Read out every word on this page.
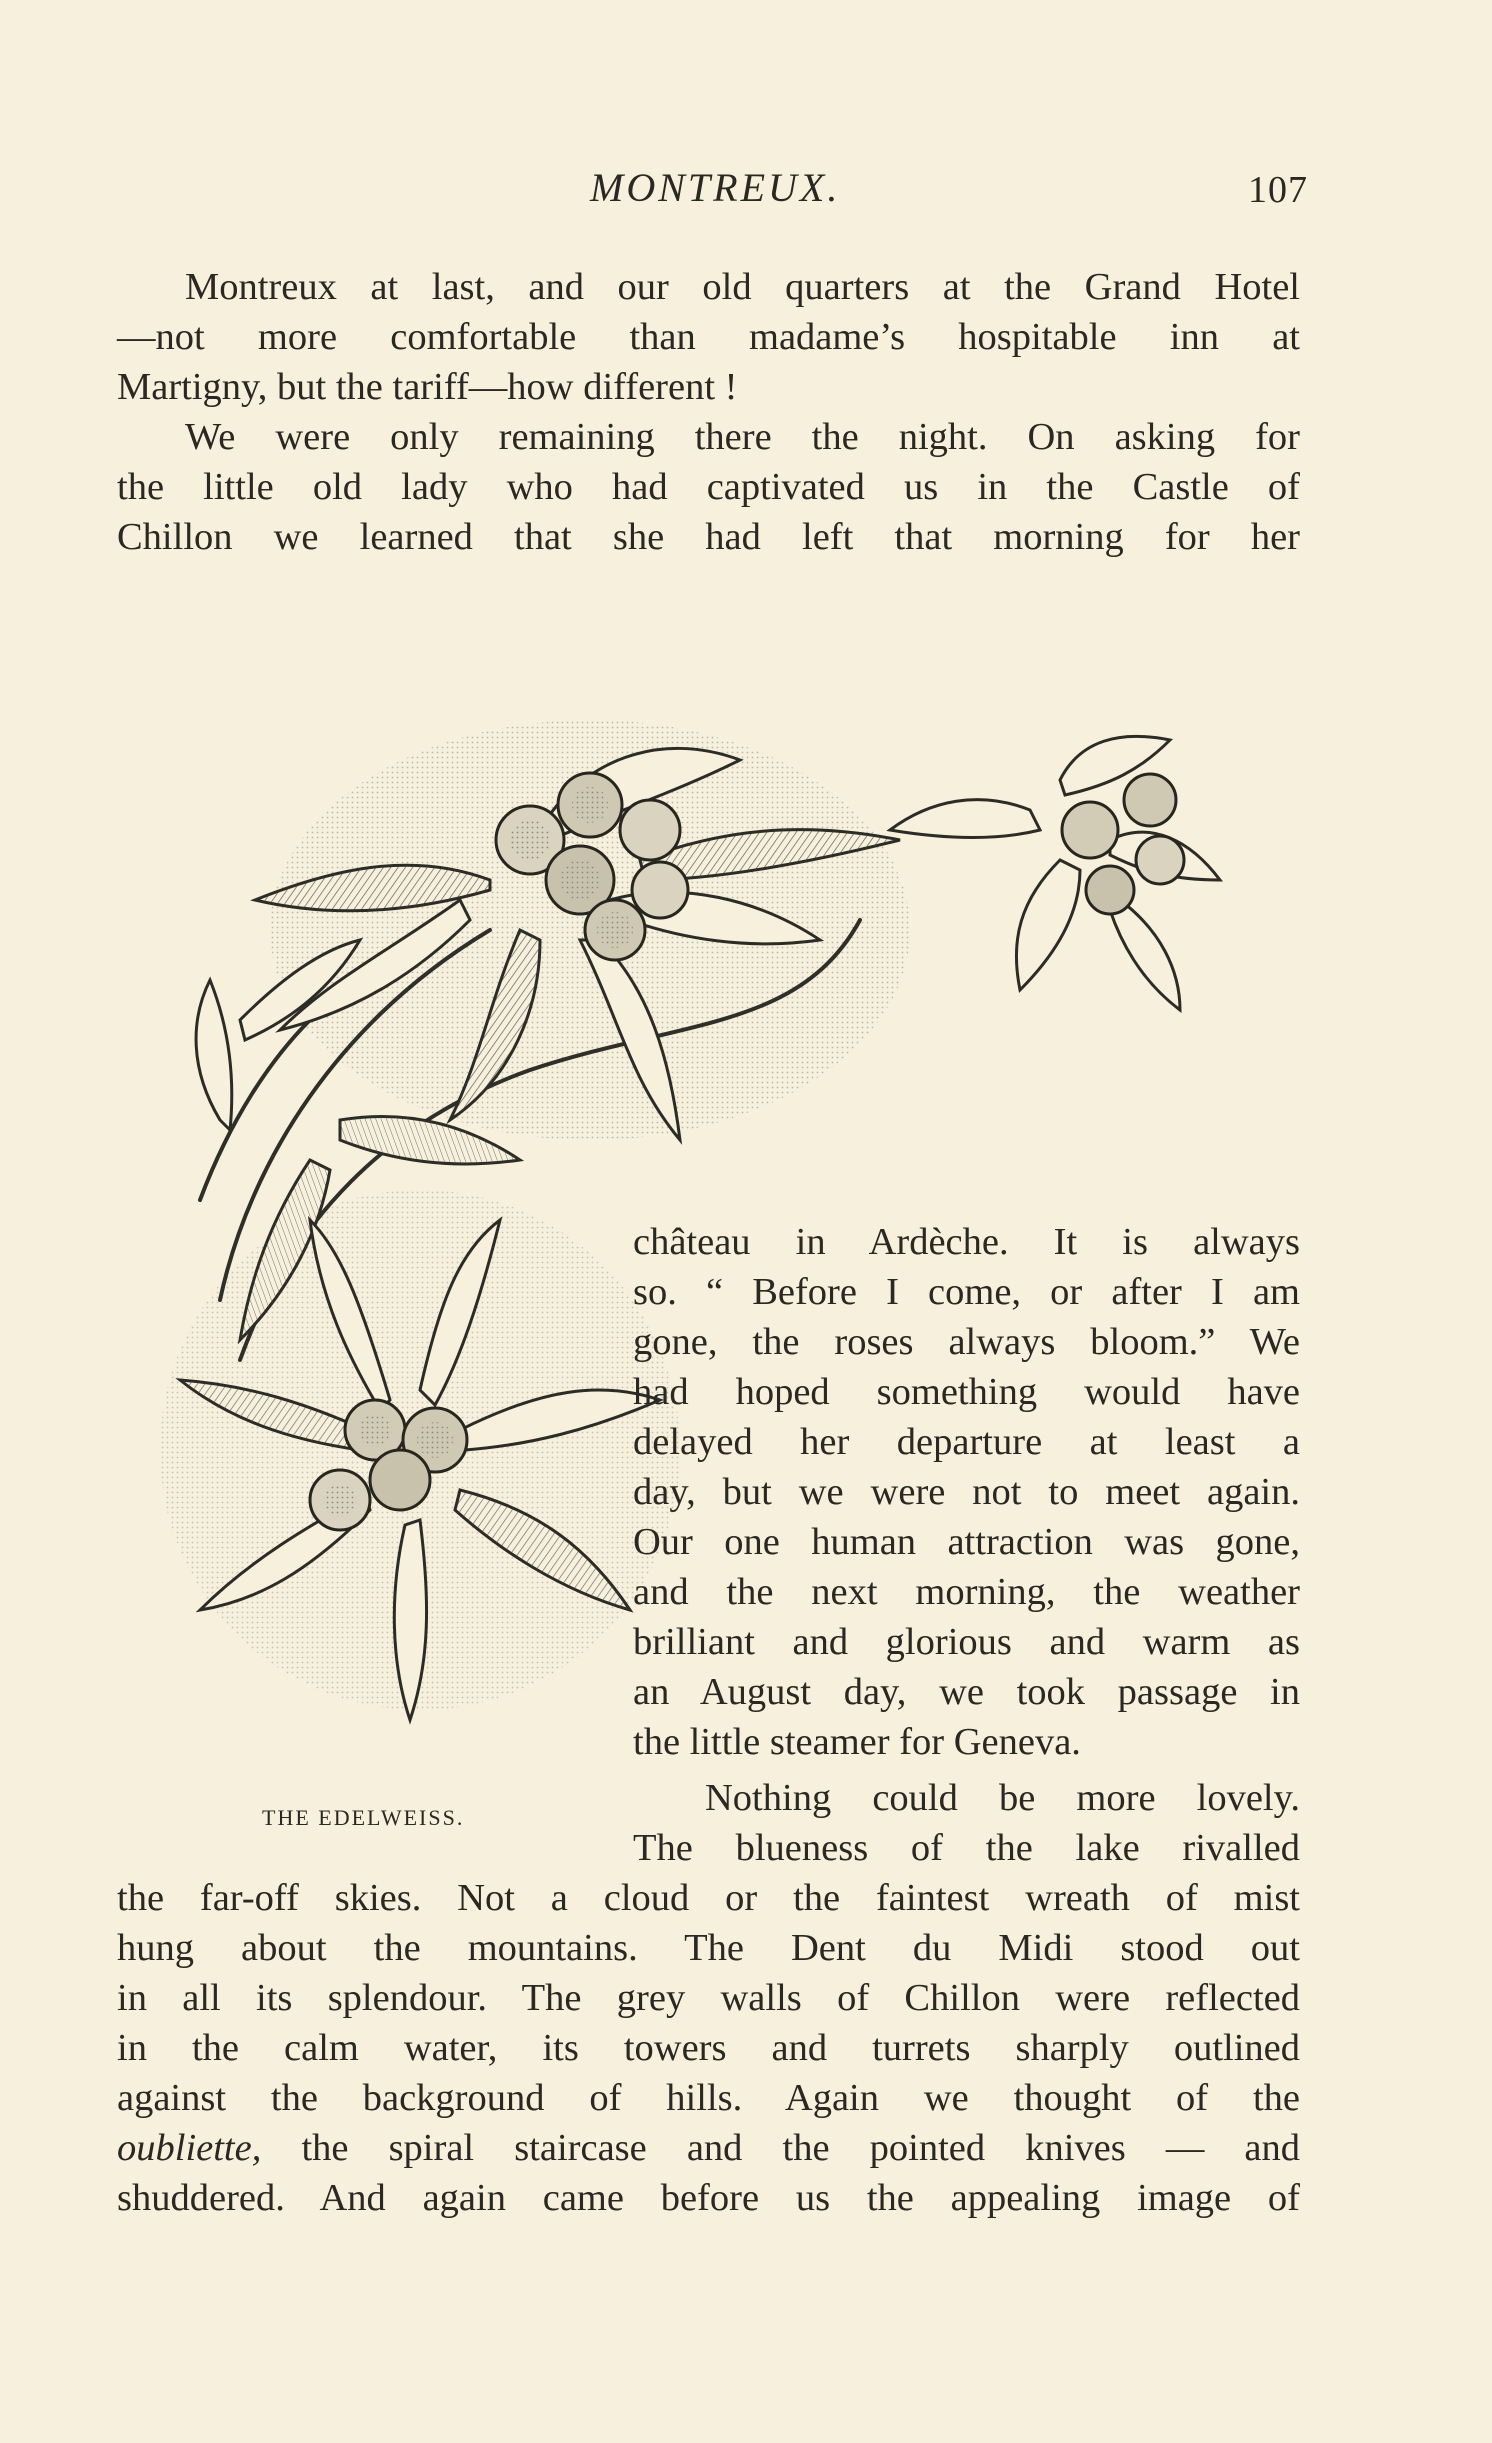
MONTREUX.	107
Montreux at last, and our old quarters at the Grand Hotel
—not more comfortable than madame’s hospitable inn at
Martigny, but the tariff—how different !
We were only remaining there the night. On asking for
the little old lady who had captivated us in the Castle of
Chillon we learned that she had left that morning for her
château in Ardèche. It is always
so. “ Before I come, or after I am
gone, the roses always bloom.” We
had hoped something would have
delayed her departure at least a
day, but we were not to meet again.
Our one human attraction was gone,
and the next morning, the weather
brilliant and glorious and warm as
an August day, we took passage in
the little steamer for Geneva.
Nothing could be more lovely.
The blueness of the lake rivalled
THE EDELWEISS.
the far-off skies. Not a cloud or the faintest wreath of mist
hung about the mountains. The Dent du Midi stood out
in all its splendour. The grey walls of Chillon were reflected
in the calm water, its towers and turrets sharply outlined
against the background of hills. Again we thought of the
oubliette, the spiral staircase and the pointed knives — and
shuddered. And again came before us the appealing image of
